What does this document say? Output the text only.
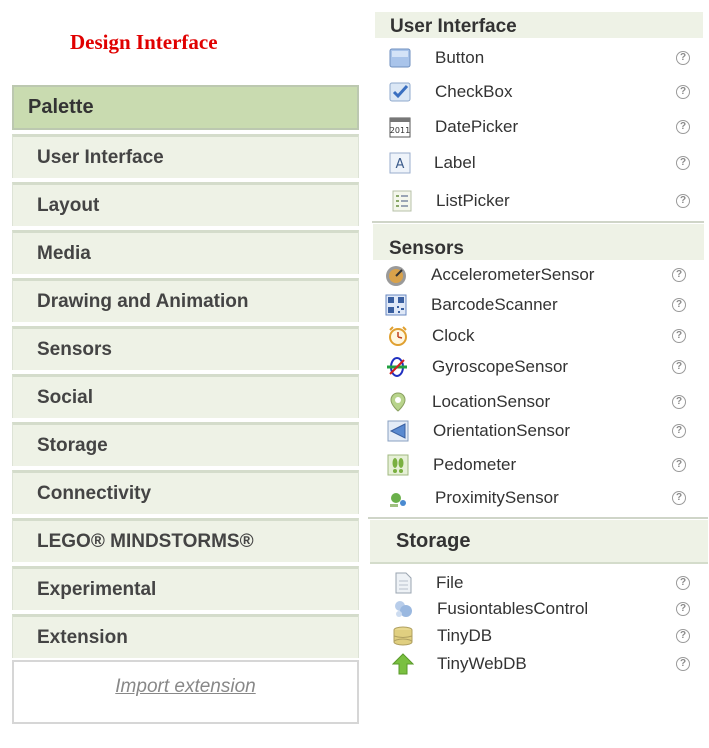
Design Interface
Palette
User Interface
Layout
Media
Drawing and Animation
Sensors
Social
Storage
Connectivity
LEGO® MINDSTORMS®
Experimental
Extension
Import extension
User Interface
Button	?
CheckBox	?
2011 DatePicker	?
A Label	?
ListPicker	?
Sensors
AccelerometerSensor	?
BarcodeScanner	?
Clock	?
GyroscopeSensor	?
LocationSensor	?
OrientationSensor	?
Pedometer	?
ProximitySensor	?
Storage
File	?
FusiontablesControl	?
TinyDB	?
TinyWebDB	?
